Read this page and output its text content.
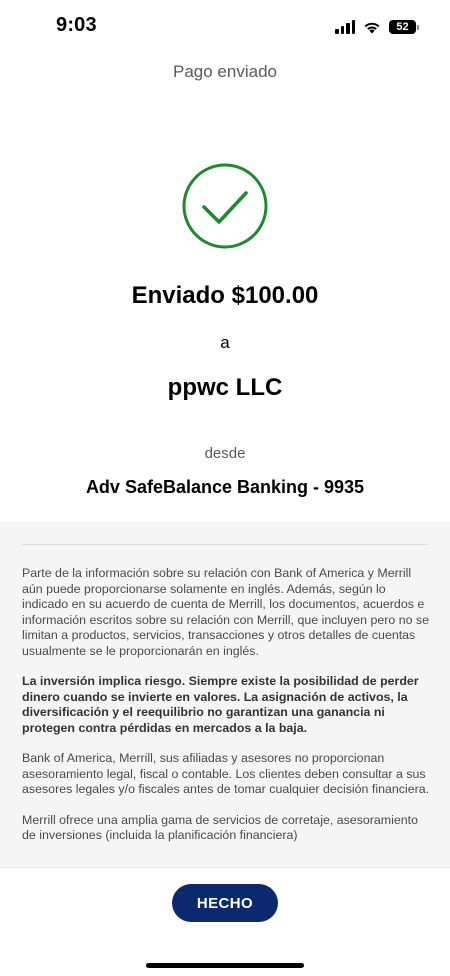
9:03	52
Pago enviado
Enviado $100.00
a
ppwc LLC
desde
Adv SafeBalance Banking - 9935

Parte de la información sobre su relación con Bank of America y Merrill aún puede proporcionarse solamente en inglés. Además, según lo indicado en su acuerdo de cuenta de Merrill, los documentos, acuerdos e información escritos sobre su relación con Merrill, que incluyen pero no se limitan a productos, servicios, transacciones y otros detalles de cuentas usualmente se le proporcionarán en inglés.

La inversión implica riesgo. Siempre existe la posibilidad de perder dinero cuando se invierte en valores. La asignación de activos, la diversificación y el reequilibrio no garantizan una ganancia ni protegen contra pérdidas en mercados a la baja.

Bank of America, Merrill, sus afiliadas y asesores no proporcionan asesoramiento legal, fiscal o contable. Los clientes deben consultar a sus asesores legales y/o fiscales antes de tomar cualquier decisión financiera.

Merrill ofrece una amplia gama de servicios de corretaje, asesoramiento de inversiones (incluida la planificación financiera)

HECHO
